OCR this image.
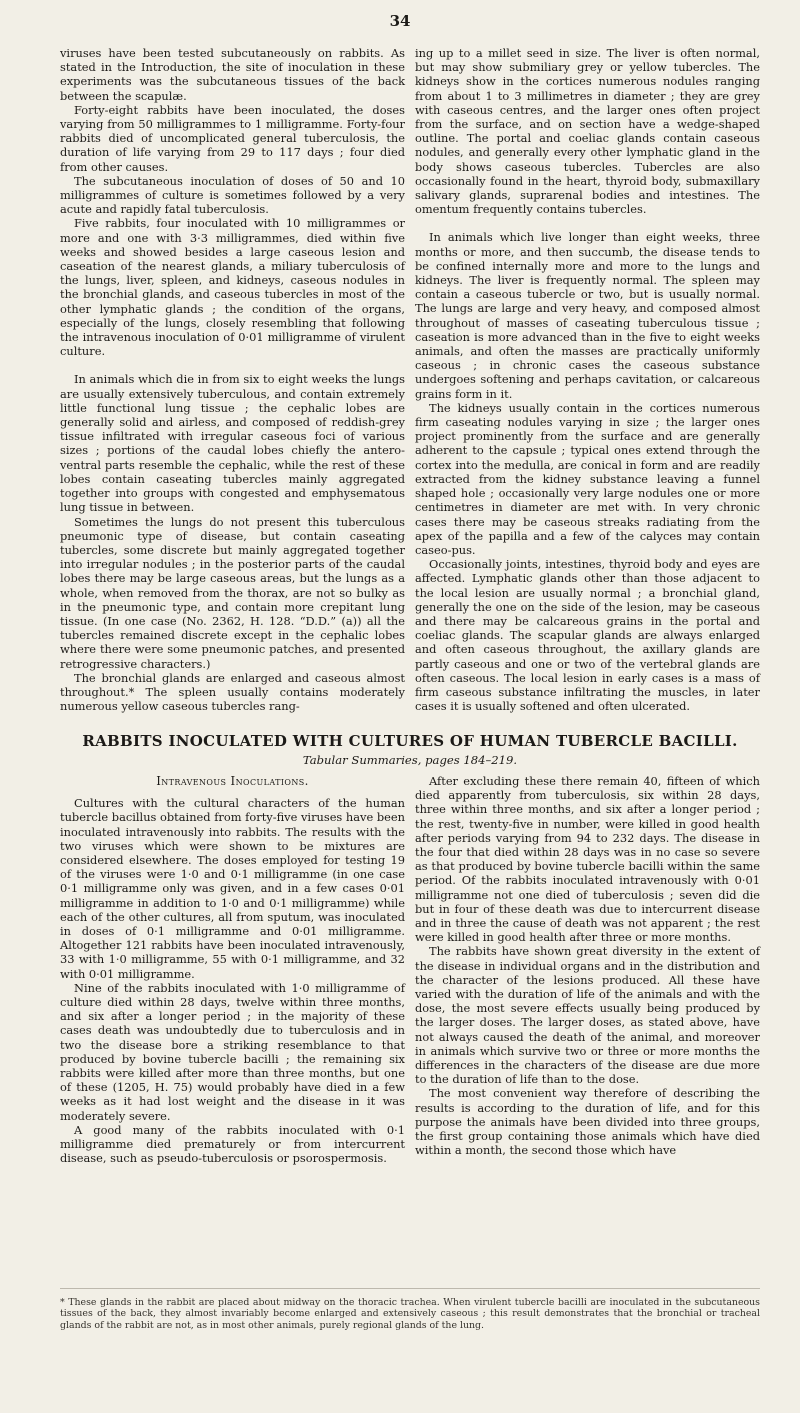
34

viruses have been tested subcutaneously on rabbits. As stated in the Introduction, the site of inoculation in these experiments was the subcutaneous tissues of the back between the scapulæ.

Forty-eight rabbits have been inoculated, the doses varying from 50 milligrammes to 1 milligramme. Forty-four rabbits died of uncomplicated general tuberculosis, the duration of life varying from 29 to 117 days ; four died from other causes.

The subcutaneous inoculation of doses of 50 and 10 milligrammes of culture is sometimes followed by a very acute and rapidly fatal tuberculosis.

Five rabbits, four inoculated with 10 milligrammes or more and one with 3·3 milligrammes, died within five weeks and showed besides a large caseous lesion and caseation of the nearest glands, a miliary tuberculosis of the lungs, liver, spleen, and kidneys, caseous nodules in the bronchial glands, and caseous tubercles in most of the other lymphatic glands ; the condition of the organs, especially of the lungs, closely resembling that following the intravenous inoculation of 0·01 milligramme of virulent culture.

In animals which die in from six to eight weeks the lungs are usually extensively tuberculous, and contain extremely little functional lung tissue ; the cephalic lobes are generally solid and airless, and composed of reddish-grey tissue infiltrated with irregular caseous foci of various sizes ; portions of the caudal lobes chiefly the antero-ventral parts resemble the cephalic, while the rest of these lobes contain caseating tubercles mainly aggregated together into groups with congested and emphysematous lung tissue in between.

Sometimes the lungs do not present this tuberculous pneumonic type of disease, but contain caseating tubercles, some discrete but mainly aggregated together into irregular nodules ; in the posterior parts of the caudal lobes there may be large caseous areas, but the lungs as a whole, when removed from the thorax, are not so bulky as in the pneumonic type, and contain more crepitant lung tissue. (In one case (No. 2362, H. 128. “D.D.” (a)) all the tubercles remained discrete except in the cephalic lobes where there were some pneumonic patches, and presented retrogressive characters.)

The bronchial glands are enlarged and caseous almost throughout.* The spleen usually contains moderately numerous yellow caseous tubercles rang-

ing up to a millet seed in size. The liver is often normal, but may show submiliary grey or yellow tubercles. The kidneys show in the cortices numerous nodules ranging from about 1 to 3 millimetres in diameter ; they are grey with caseous centres, and the larger ones often project from the surface, and on section have a wedge-shaped outline. The portal and coeliac glands contain caseous nodules, and generally every other lymphatic gland in the body shows caseous tubercles. Tubercles are also occasionally found in the heart, thyroid body, submaxillary salivary glands, suprarenal bodies and intestines. The omentum frequently contains tubercles.

In animals which live longer than eight weeks, three months or more, and then succumb, the disease tends to be confined internally more and more to the lungs and kidneys. The liver is frequently normal. The spleen may contain a caseous tubercle or two, but is usually normal. The lungs are large and very heavy, and composed almost throughout of masses of caseating tuberculous tissue ; caseation is more advanced than in the five to eight weeks animals, and often the masses are practically uniformly caseous ; in chronic cases the caseous substance undergoes softening and perhaps cavitation, or calcareous grains form in it.

The kidneys usually contain in the cortices numerous firm caseating nodules varying in size ; the larger ones project prominently from the surface and are generally adherent to the capsule ; typical ones extend through the cortex into the medulla, are conical in form and are readily extracted from the kidney substance leaving a funnel shaped hole ; occasionally very large nodules one or more centimetres in diameter are met with. In very chronic cases there may be caseous streaks radiating from the apex of the papilla and a few of the calyces may contain caseo-pus.

Occasionally joints, intestines, thyroid body and eyes are affected. Lymphatic glands other than those adjacent to the local lesion are usually normal ; a bronchial gland, generally the one on the side of the lesion, may be caseous and there may be calcareous grains in the portal and coeliac glands. The scapular glands are always enlarged and often caseous throughout, the axillary glands are partly caseous and one or two of the vertebral glands are often caseous. The local lesion in early cases is a mass of firm caseous substance infiltrating the muscles, in later cases it is usually softened and often ulcerated.

RABBITS INOCULATED WITH CULTURES OF HUMAN TUBERCLE BACILLI.
Tabular Summaries, pages 184–219.
Intravenous Inoculations.

Cultures with the cultural characters of the human tubercle bacillus obtained from forty-five viruses have been inoculated intravenously into rabbits. The results with the two viruses which were shown to be mixtures are considered elsewhere. The doses employed for testing 19 of the viruses were 1·0 and 0·1 milligramme (in one case 0·1 milligramme only was given, and in a few cases 0·01 milligramme in addition to 1·0 and 0·1 milligramme) while each of the other cultures, all from sputum, was inoculated in doses of 0·1 milligramme and 0·01 milligramme. Altogether 121 rabbits have been inoculated intravenously, 33 with 1·0 milligramme, 55 with 0·1 milligramme, and 32 with 0·01 milligramme.

Nine of the rabbits inoculated with 1·0 milligramme of culture died within 28 days, twelve within three months, and six after a longer period ; in the majority of these cases death was undoubtedly due to tuberculosis and in two the disease bore a striking resemblance to that produced by bovine tubercle bacilli ; the remaining six rabbits were killed after more than three months, but one of these (1205, H. 75) would probably have died in a few weeks as it had lost weight and the disease in it was moderately severe.

A good many of the rabbits inoculated with 0·1 milligramme died prematurely or from intercurrent disease, such as pseudo-tuberculosis or psorospermosis.

After excluding these there remain 40, fifteen of which died apparently from tuberculosis, six within 28 days, three within three months, and six after a longer period ; the rest, twenty-five in number, were killed in good health after periods varying from 94 to 232 days. The disease in the four that died within 28 days was in no case so severe as that produced by bovine tubercle bacilli within the same period. Of the rabbits inoculated intravenously with 0·01 milligramme not one died of tuberculosis ; seven did die but in four of these death was due to intercurrent disease and in three the cause of death was not apparent ; the rest were killed in good health after three or more months.

The rabbits have shown great diversity in the extent of the disease in individual organs and in the distribution and the character of the lesions produced. All these have varied with the duration of life of the animals and with the dose, the most severe effects usually being produced by the larger doses. The larger doses, as stated above, have not always caused the death of the animal, and moreover in animals which survive two or three or more months the differences in the characters of the disease are due more to the duration of life than to the dose.

The most convenient way therefore of describing the results is according to the duration of life, and for this purpose the animals have been divided into three groups, the first group containing those animals which have died within a month, the second those which have

* These glands in the rabbit are placed about midway on the thoracic trachea. When virulent tubercle bacilli are inoculated in the subcutaneous tissues of the back, they almost invariably become enlarged and extensively caseous ; this result demonstrates that the bronchial or tracheal glands of the rabbit are not, as in most other animals, purely regional glands of the lung.
